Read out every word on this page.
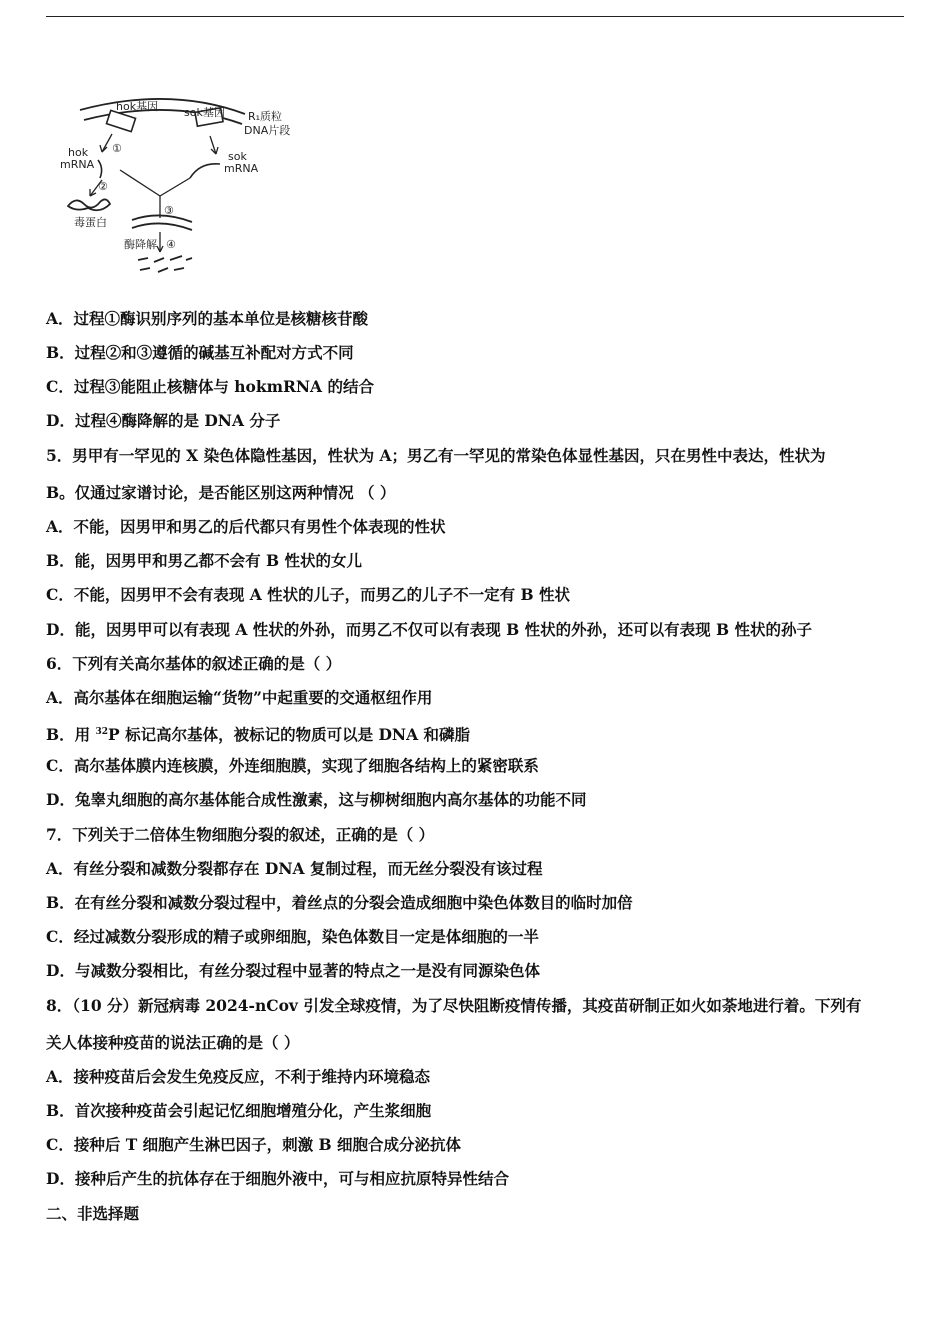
hok基因 sok基因 R₁质粒
DNA片段
①
hok
mRNA
sok
mRNA
②
毒蛋白
③
酶降解 ④
A．过程①酶识别序列的基本单位是核糖核苷酸
B．过程②和③遵循的碱基互补配对方式不同
C．过程③能阻止核糖体与 hokmRNA 的结合
D．过程④酶降解的是 DNA 分子
5．男甲有一罕见的 X 染色体隐性基因，性状为 A；男乙有一罕见的常染色体显性基因，只在男性中表达，性状为
B。仅通过家谱讨论，是否能区别这两种情况 （ ）
A．不能，因男甲和男乙的后代都只有男性个体表现的性状
B．能，因男甲和男乙都不会有 B 性状的女儿
C．不能，因男甲不会有表现 A 性状的儿子，而男乙的儿子不一定有 B 性状
D．能，因男甲可以有表现 A 性状的外孙，而男乙不仅可以有表现 B 性状的外孙，还可以有表现 B 性状的孙子
6．下列有关高尔基体的叙述正确的是（ ）
A．高尔基体在细胞运输“货物”中起重要的交通枢纽作用
B．用 $^{32}$P 标记高尔基体，被标记的物质可以是 DNA 和磷脂
C．高尔基体膜内连核膜，外连细胞膜，实现了细胞各结构上的紧密联系
D．兔睾丸细胞的高尔基体能合成性激素，这与柳树细胞内高尔基体的功能不同
7．下列关于二倍体生物细胞分裂的叙述，正确的是（ ）
A．有丝分裂和减数分裂都存在 DNA 复制过程，而无丝分裂没有该过程
B．在有丝分裂和减数分裂过程中，着丝点的分裂会造成细胞中染色体数目的临时加倍
C．经过减数分裂形成的精子或卵细胞，染色体数目一定是体细胞的一半
D．与减数分裂相比，有丝分裂过程中显著的特点之一是没有同源染色体
8．（10 分）新冠病毒 2024-nCov 引发全球疫情，为了尽快阻断疫情传播，其疫苗研制正如火如荼地进行着。下列有
关人体接种疫苗的说法正确的是（ ）
A．接种疫苗后会发生免疫反应，不利于维持内环境稳态
B．首次接种疫苗会引起记忆细胞增殖分化，产生浆细胞
C．接种后 T 细胞产生淋巴因子，刺激 B 细胞合成分泌抗体
D．接种后产生的抗体存在于细胞外液中，可与相应抗原特异性结合
二、非选择题
